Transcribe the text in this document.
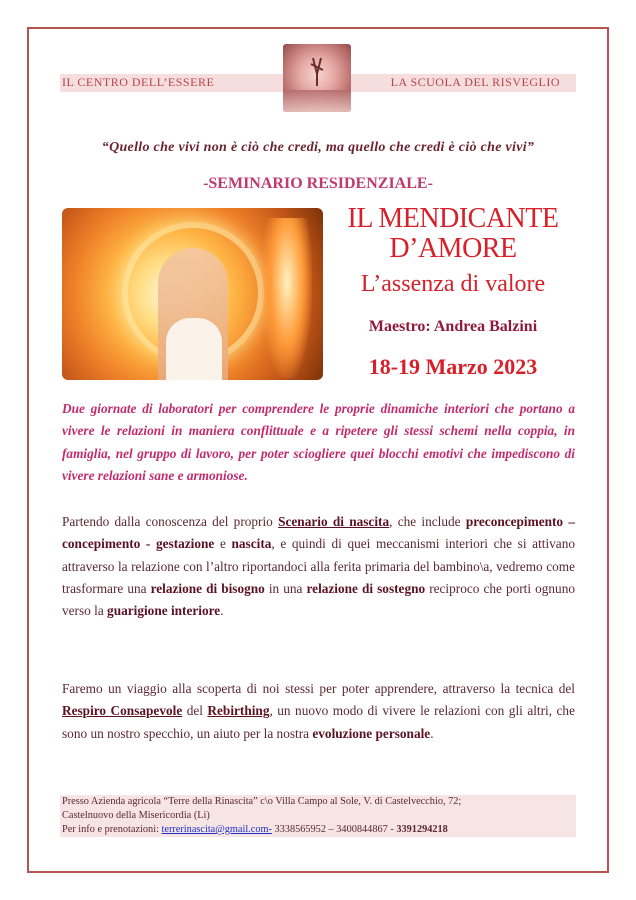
IL CENTRO DELL’ESSERE	LA SCUOLA DEL RISVEGLIO
“Quello che vivi non è ciò che credi, ma quello che credi è ciò che vivi”
-SEMINARIO RESIDENZIALE-
IL MENDICANTE
D’AMORE
L’assenza di valore
Maestro: Andrea Balzini
18-19 Marzo 2023

Due giornate di laboratori per comprendere le proprie dinamiche interiori che portano a vivere le relazioni in maniera conflittuale e a ripetere gli stessi schemi nella coppia, in famiglia, nel gruppo di lavoro, per poter sciogliere quei blocchi emotivi che impediscono di vivere relazioni sane e armoniose.

Partendo dalla conoscenza del proprio Scenario di nascita, che include preconcepimento – concepimento - gestazione e nascita, e quindi di quei meccanismi interiori che si attivano attraverso la relazione con l’altro riportandoci alla ferita primaria del bambino\a, vedremo come trasformare una relazione di bisogno in una relazione di sostegno reciproco che porti ognuno verso la guarigione interiore.

Faremo un viaggio alla scoperta di noi stessi per poter apprendere, attraverso la tecnica del Respiro Consapevole del Rebirthing, un nuovo modo di vivere le relazioni con gli altri, che sono un nostro specchio, un aiuto per la nostra evoluzione personale.

Presso Azienda agricola “Terre della Rinascita” c\o Villa Campo al Sole, V. di Castelvecchio, 72;
Castelnuovo della Misericordia (Li)
Per info e prenotazioni: terrerinascita@gmail.com- 3338565952 – 3400844867 - 3391294218
